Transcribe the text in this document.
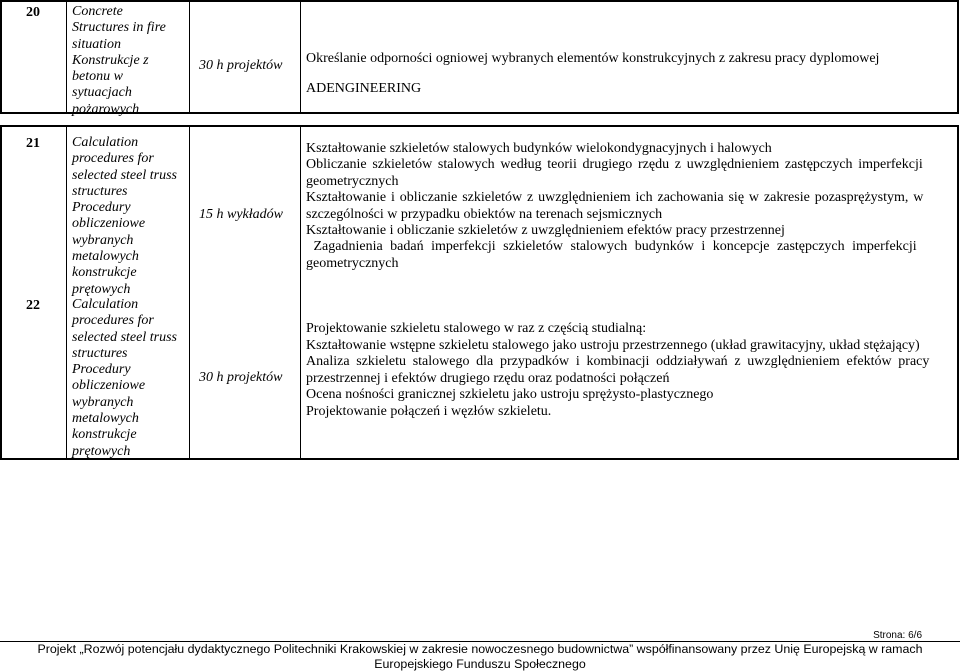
20 Concrete
Structures in fire
situation
Konstrukcje z
betonu w
sytuacjach
pożarowych
30 h projektów Określanie odporności ogniowej wybranych elementów konstrukcyjnych z zakresu pracy dyplomowej
ADENGINEERING
21 Calculation
procedures for
selected steel truss
structures
Procedury
obliczeniowe
wybranych
metalowych
konstrukcje
prętowych
15 h wykładów
Kształtowanie szkieletów stalowych budynków wielokondygnacyjnych i halowych
Obliczanie szkieletów stalowych według teorii drugiego rzędu z uwzględnieniem zastępczych imperfekcji
geometrycznych
Kształtowanie i obliczanie szkieletów z uwzględnieniem ich zachowania się w zakresie pozasprężystym, w
szczególności w przypadku obiektów na terenach sejsmicznych
Kształtowanie i obliczanie szkieletów z uwzględnieniem efektów pracy przestrzennej
Zagadnienia badań imperfekcji szkieletów stalowych budynków i koncepcje zastępczych imperfekcji
geometrycznych
22 Calculation
procedures for
selected steel truss
structures
Procedury
obliczeniowe
wybranych
metalowych
konstrukcje
prętowych
30 h projektów
Projektowanie szkieletu stalowego w raz z częścią studialną:
Kształtowanie wstępne szkieletu stalowego jako ustroju przestrzennego (układ grawitacyjny, układ stężający)
Analiza szkieletu stalowego dla przypadków i kombinacji oddziaływań z uwzględnieniem efektów pracy
przestrzennej i efektów drugiego rzędu oraz podatności połączeń
Ocena nośności granicznej szkieletu jako ustroju sprężysto-plastycznego
Projektowanie połączeń i węzłów szkieletu.
Strona: 6/6
Projekt „Rozwój potencjału dydaktycznego Politechniki Krakowskiej w zakresie nowoczesnego budownictwa” współfinansowany przez Unię Europejską w ramach
Europejskiego Funduszu Społecznego
